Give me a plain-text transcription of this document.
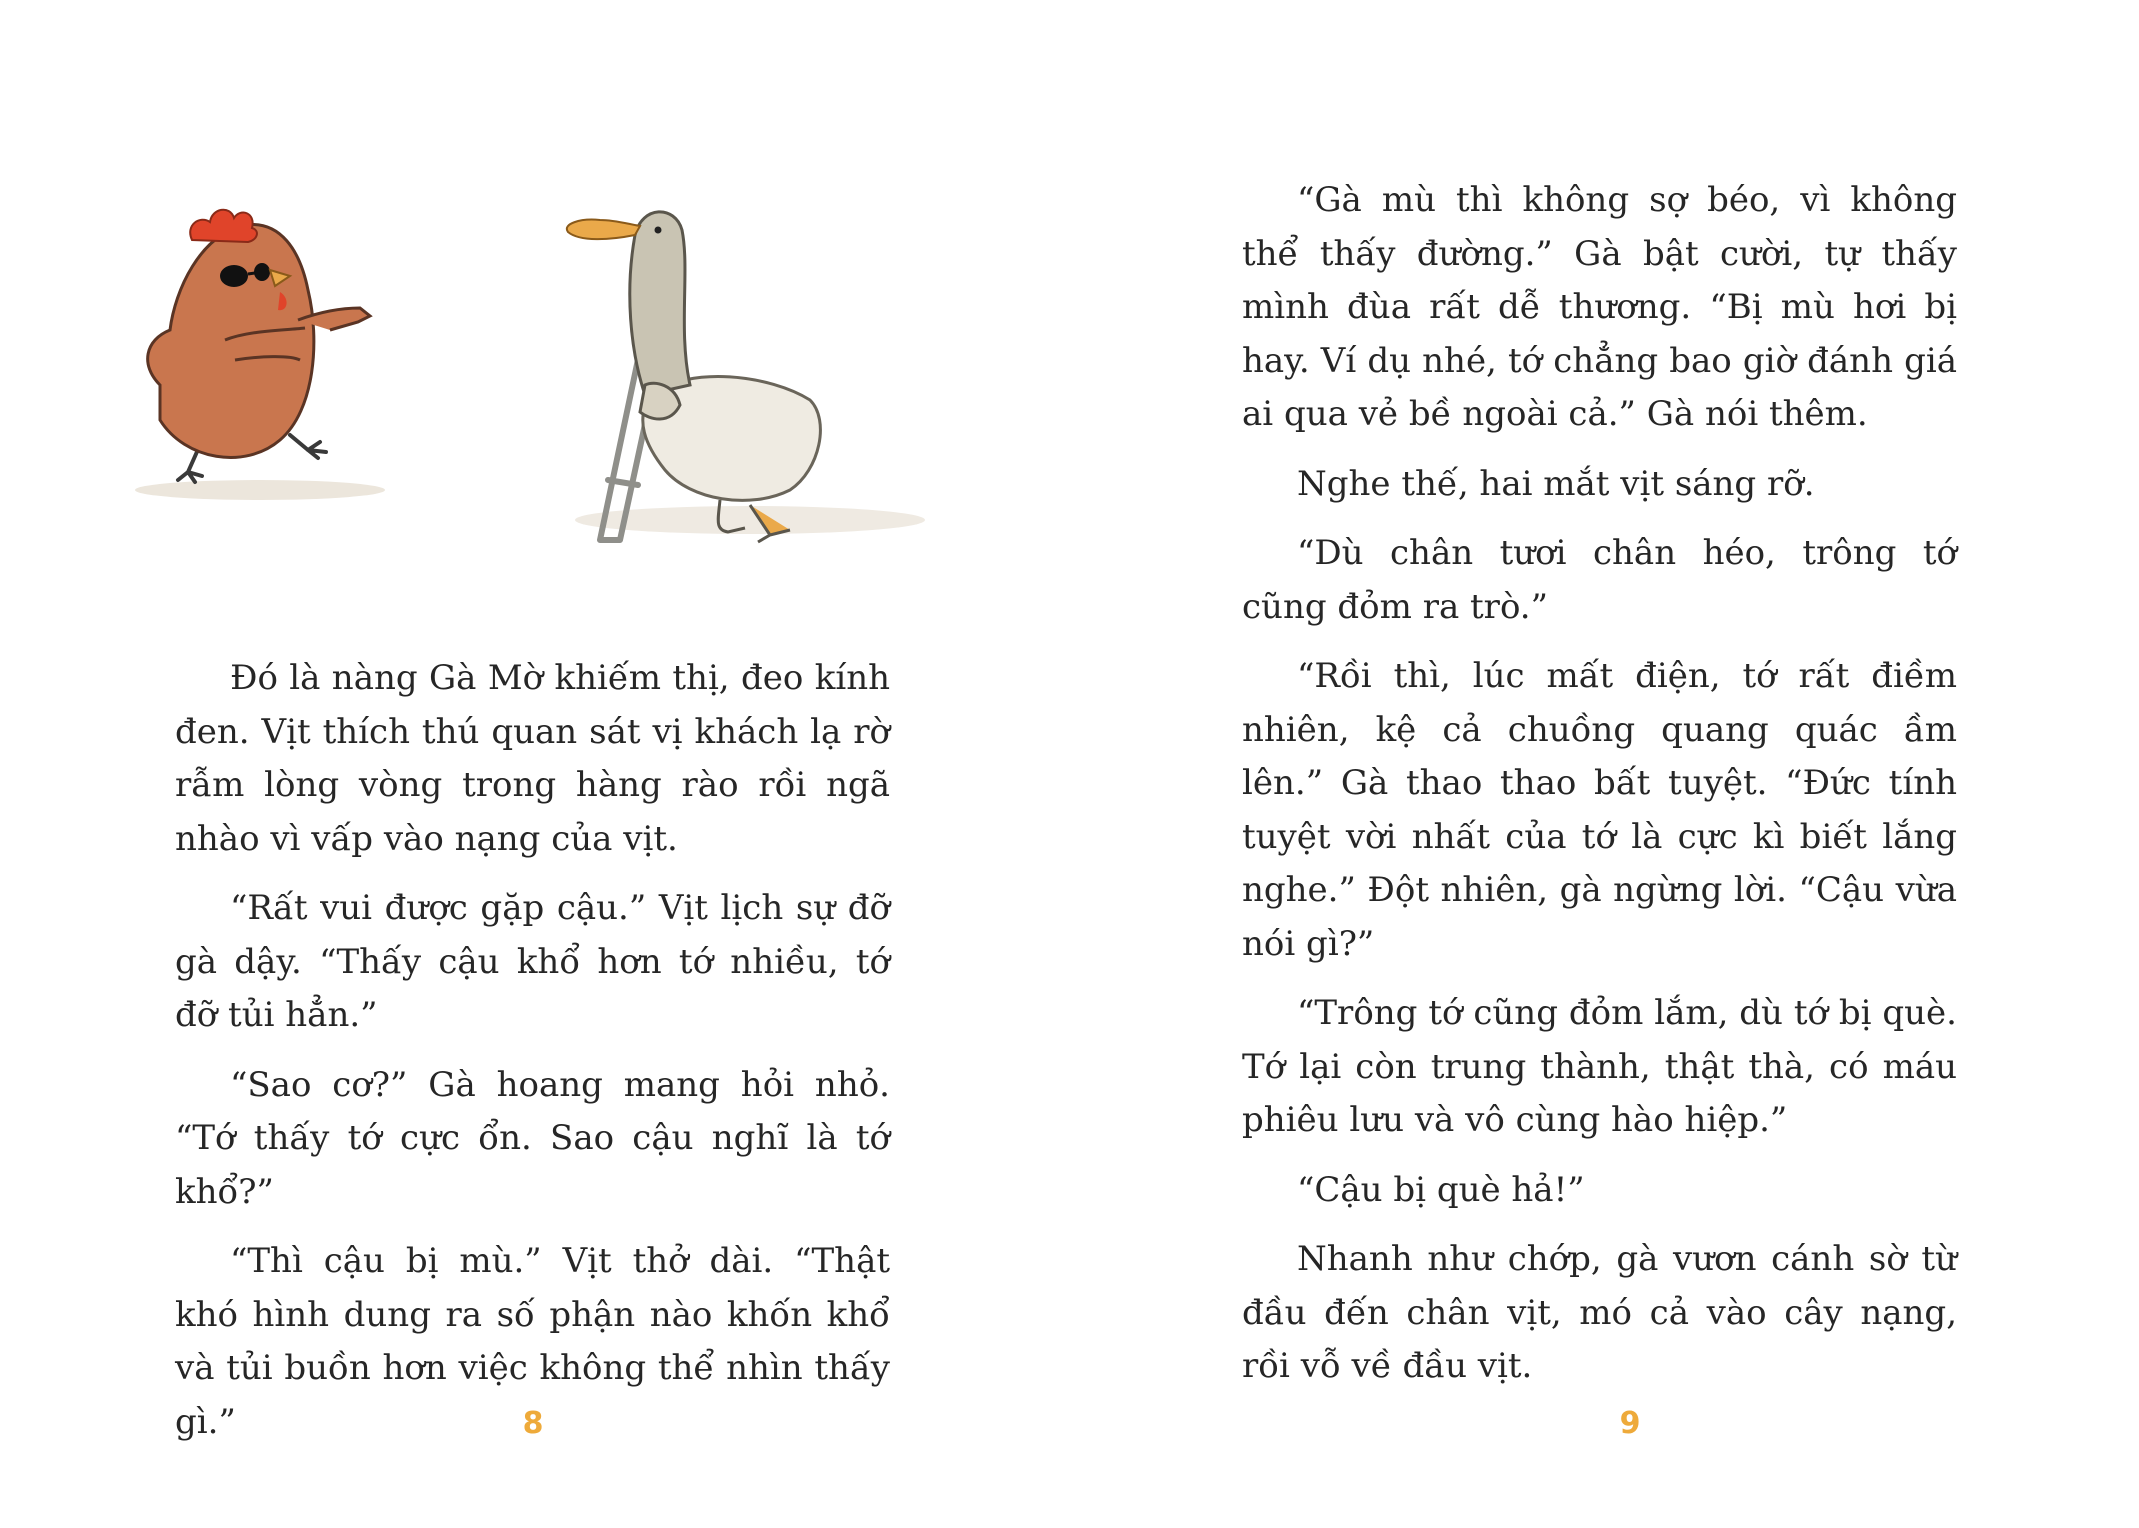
Đó là nàng Gà Mờ khiếm thị, đeo kính đen. Vịt thích thú quan sát vị khách lạ rờ rẫm lòng vòng trong hàng rào rồi ngã nhào vì vấp vào nạng của vịt.

“Rất vui được gặp cậu.” Vịt lịch sự đỡ gà dậy. “Thấy cậu khổ hơn tớ nhiều, tớ đỡ tủi hẳn.”

“Sao cơ?” Gà hoang mang hỏi nhỏ. “Tớ thấy tớ cực ổn. Sao cậu nghĩ là tớ khổ?”

“Thì cậu bị mù.” Vịt thở dài. “Thật khó hình dung ra số phận nào khốn khổ và tủi buồn hơn việc không thể nhìn thấy gì.”	8

“Gà mù thì không sợ béo, vì không thể thấy đường.” Gà bật cười, tự thấy mình đùa rất dễ thương. “Bị mù hơi bị hay. Ví dụ nhé, tớ chẳng bao giờ đánh giá ai qua vẻ bề ngoài cả.” Gà nói thêm.

Nghe thế, hai mắt vịt sáng rỡ.

“Dù chân tươi chân héo, trông tớ cũng đỏm ra trò.”

“Rồi thì, lúc mất điện, tớ rất điềm nhiên, kệ cả chuồng quang quác ầm lên.” Gà thao thao bất tuyệt. “Đức tính tuyệt vời nhất của tớ là cực kì biết lắng nghe.” Đột nhiên, gà ngừng lời. “Cậu vừa nói gì?”

“Trông tớ cũng đỏm lắm, dù tớ bị què. Tớ lại còn trung thành, thật thà, có máu phiêu lưu và vô cùng hào hiệp.”

“Cậu bị què hả!”

Nhanh như chớp, gà vươn cánh sờ từ đầu đến chân vịt, mó cả vào cây nạng, rồi vỗ về đầu vịt.

9
